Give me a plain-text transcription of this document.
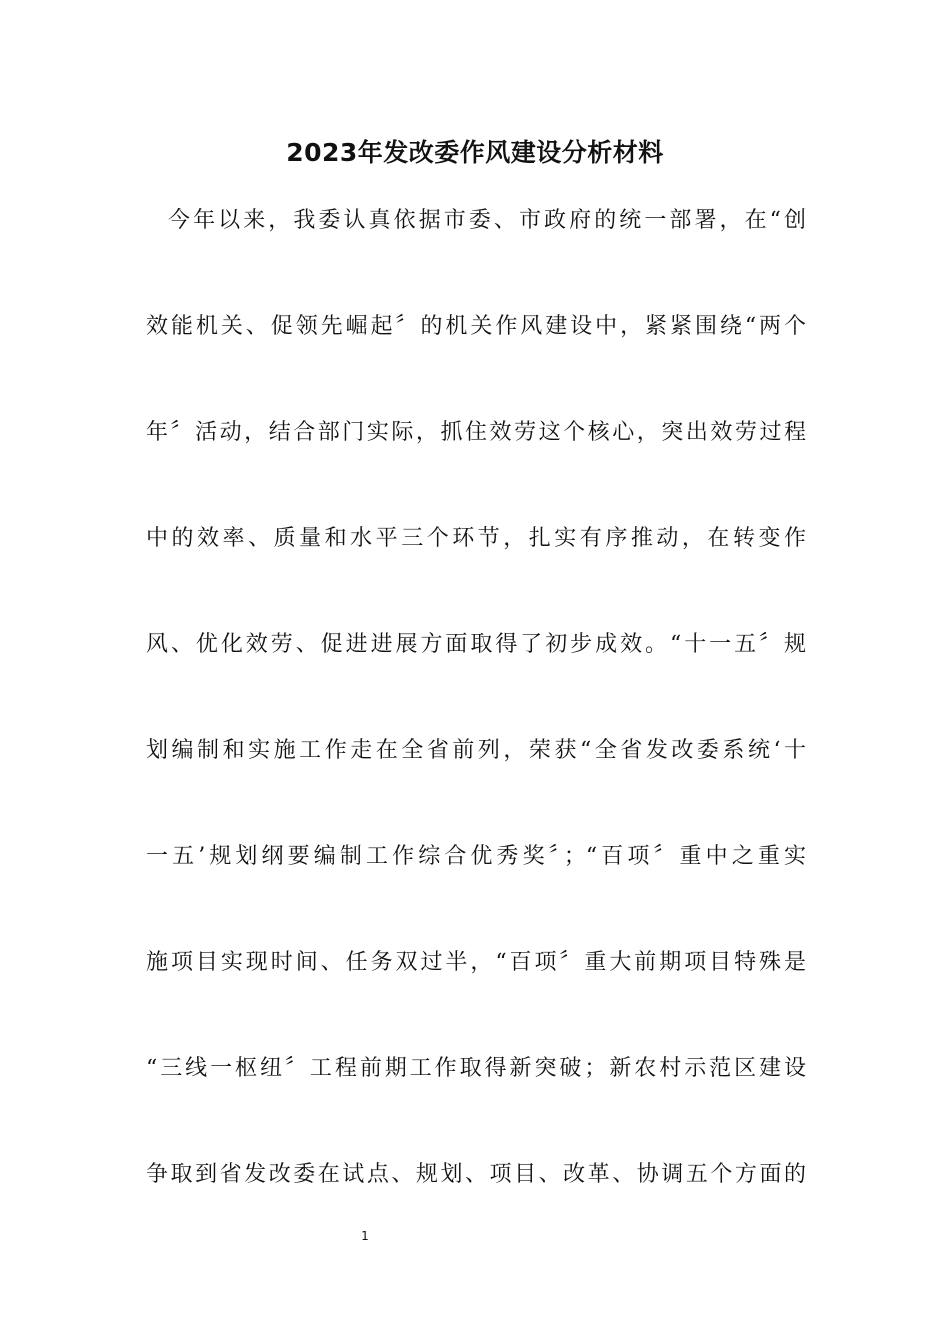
2023年发改委作风建设分析材料
今年以来，我委认真依据市委、市政府的统一部署，在“创
效能机关、促领先崛起〞的机关作风建设中，紧紧围绕“两个
年〞活动，结合部门实际，抓住效劳这个核心，突出效劳过程
中的效率、质量和水平三个环节，扎实有序推动，在转变作
风、优化效劳、促进进展方面取得了初步成效。“十一五〞规
划编制和实施工作走在全省前列，荣获“全省发改委系统‘十
一五’规划纲要编制工作综合优秀奖〞；“百项〞重中之重实
施项目实现时间、任务双过半，“百项〞重大前期项目特殊是
“三线一枢纽〞工程前期工作取得新突破；新农村示范区建设
争取到省发改委在试点、规划、项目、改革、协调五个方面的
1
